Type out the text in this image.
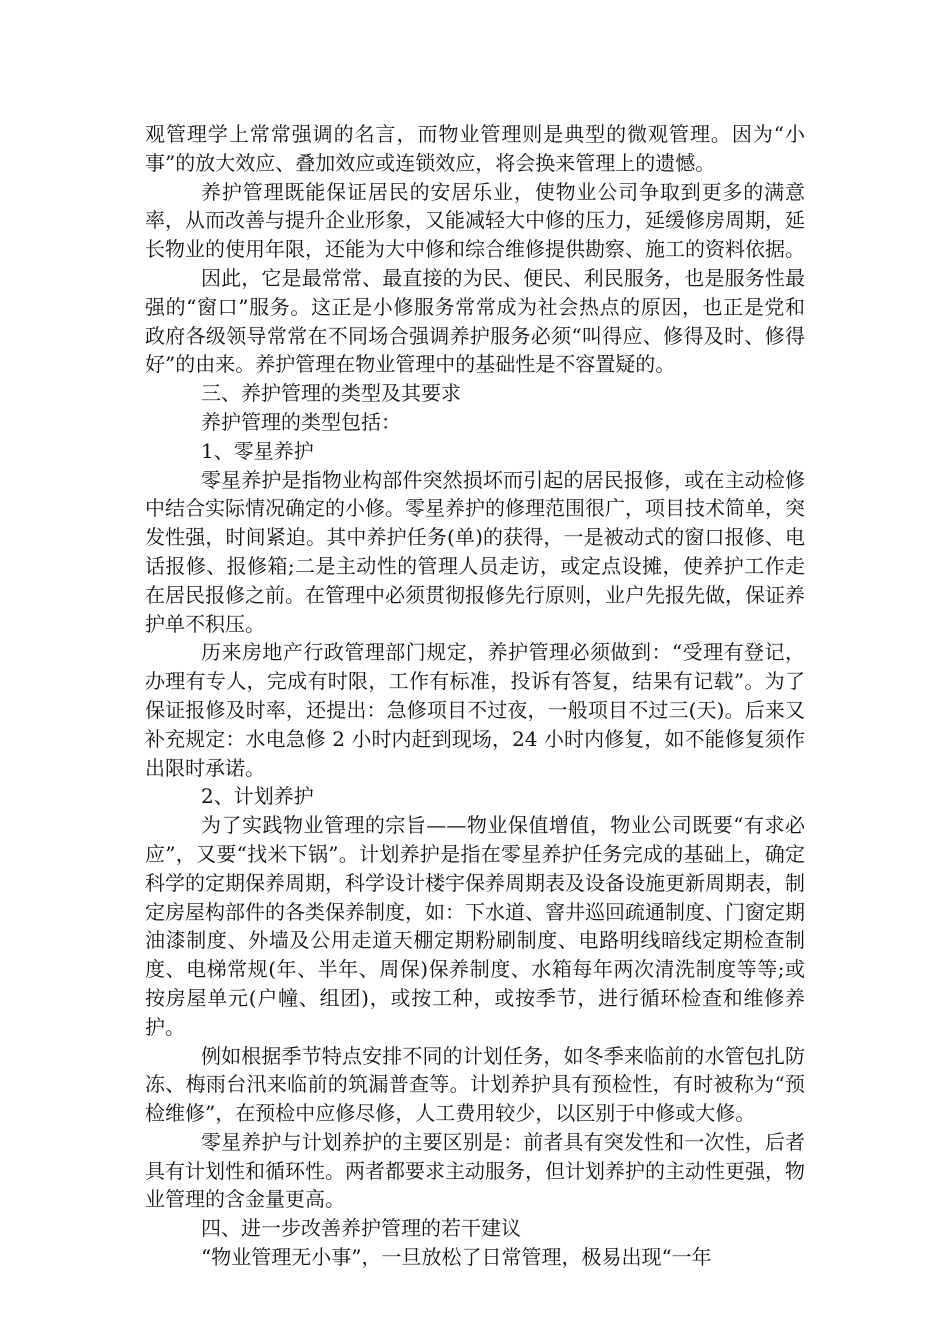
观管理学上常常强调的名言，而物业管理则是典型的微观管理。因为“小事”的放大效应、叠加效应或连锁效应，将会换来管理上的遗憾。

养护管理既能保证居民的安居乐业，使物业公司争取到更多的满意率，从而改善与提升企业形象，又能减轻大中修的压力，延缓修房周期，延长物业的使用年限，还能为大中修和综合维修提供勘察、施工的资料依据。

因此，它是最常常、最直接的为民、便民、利民服务，也是服务性最强的“窗口”服务。这正是小修服务常常成为社会热点的原因，也正是党和政府各级领导常常在不同场合强调养护服务必须“叫得应、修得及时、修得好”的由来。养护管理在物业管理中的基础性是不容置疑的。

三、养护管理的类型及其要求

养护管理的类型包括：

1、零星养护

零星养护是指物业构部件突然损坏而引起的居民报修，或在主动检修中结合实际情况确定的小修。零星养护的修理范围很广，项目技术简单，突发性强，时间紧迫。其中养护任务(单)的获得，一是被动式的窗口报修、电话报修、报修箱;二是主动性的管理人员走访，或定点设摊，使养护工作走在居民报修之前。在管理中必须贯彻报修先行原则，业户先报先做，保证养护单不积压。

历来房地产行政管理部门规定，养护管理必须做到：“受理有登记，办理有专人，完成有时限，工作有标准，投诉有答复，结果有记载”。为了保证报修及时率，还提出：急修项目不过夜，一般项目不过三(天)。后来又补充规定：水电急修 2 小时内赶到现场，24 小时内修复，如不能修复须作出限时承诺。

2、计划养护

为了实践物业管理的宗旨——物业保值增值，物业公司既要“有求必应”，又要“找米下锅”。计划养护是指在零星养护任务完成的基础上，确定科学的定期保养周期，科学设计楼宇保养周期表及设备设施更新周期表，制定房屋构部件的各类保养制度，如：下水道、窨井巡回疏通制度、门窗定期油漆制度、外墙及公用走道天棚定期粉刷制度、电路明线暗线定期检查制度、电梯常规(年、半年、周保)保养制度、水箱每年两次清洗制度等等;或按房屋单元(户幢、组团)，或按工种，或按季节，进行循环检查和维修养护。

例如根据季节特点安排不同的计划任务，如冬季来临前的水管包扎防冻、梅雨台汛来临前的筑漏普查等。计划养护具有预检性，有时被称为“预检维修”，在预检中应修尽修，人工费用较少，以区别于中修或大修。

零星养护与计划养护的主要区别是：前者具有突发性和一次性，后者具有计划性和循环性。两者都要求主动服务，但计划养护的主动性更强，物业管理的含金量更高。

四、进一步改善养护管理的若干建议

“物业管理无小事”，一旦放松了日常管理，极易出现“一年
